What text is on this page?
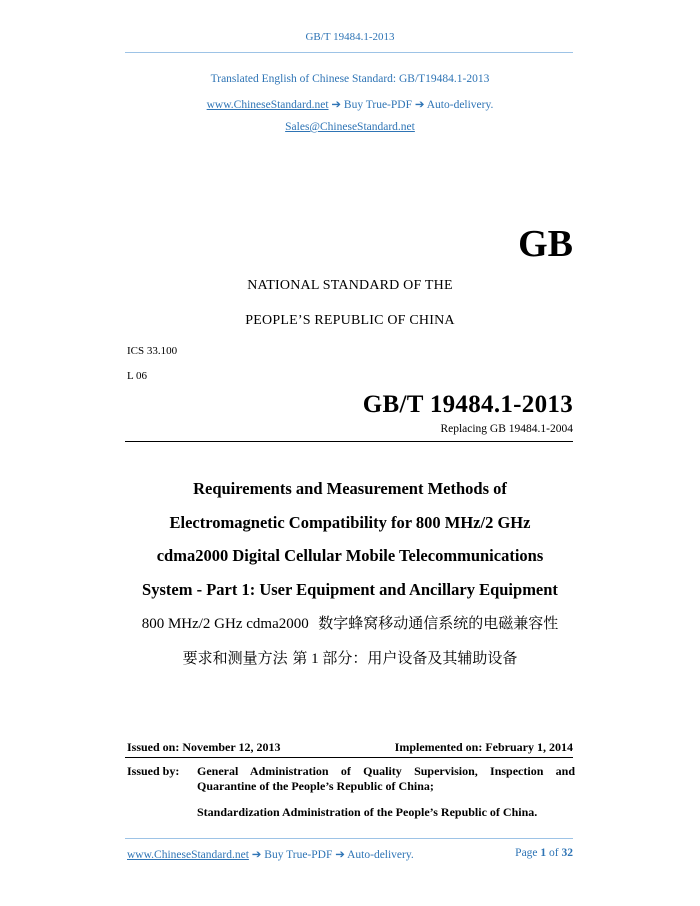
GB/T 19484.1-2013
Translated English of Chinese Standard: GB/T19484.1-2013
www.ChineseStandard.net ➔ Buy True-PDF ➔ Auto-delivery.
Sales@ChineseStandard.net
GB
NATIONAL STANDARD OF THE
PEOPLE’S REPUBLIC OF CHINA
ICS 33.100
L 06
GB/T 19484.1-2013
Replacing GB 19484.1-2004
Requirements and Measurement Methods of
Electromagnetic Compatibility for 800 MHz/2 GHz
cdma2000 Digital Cellular Mobile Telecommunications
System - Part 1: User Equipment and Ancillary Equipment
800 MHz/2 GHz cdma2000 数字蜂窝移动通信系统的电磁兼容性
要求和测量方法 第 1 部分：用户设备及其辅助设备
Issued on: November 12, 2013	Implemented on: February 1, 2014
Issued by:	General Administration of Quality Supervision, Inspection and Quarantine of the People’s Republic of China;
Standardization Administration of the People’s Republic of China.
www.ChineseStandard.net ➔ Buy True-PDF ➔ Auto-delivery.	Page 1 of 32
